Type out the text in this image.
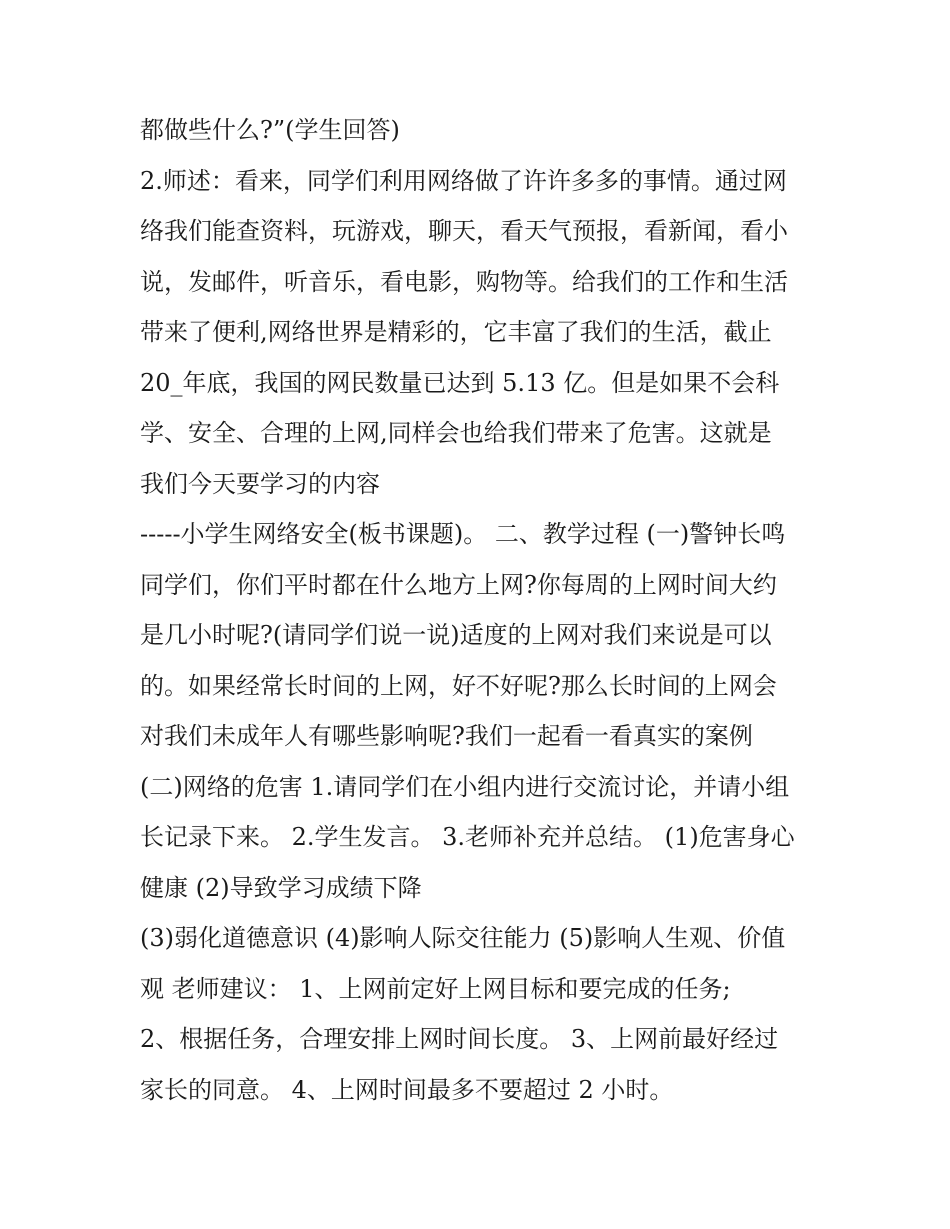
都做些什么?”(学生回答)
2.师述：看来，同学们利用网络做了许许多多的事情。通过网
络我们能查资料，玩游戏，聊天，看天气预报，看新闻，看小
说，发邮件，听音乐，看电影，购物等。给我们的工作和生活
带来了便利,网络世界是精彩的，它丰富了我们的生活，截止
20_年底，我国的网民数量已达到 5.13 亿。但是如果不会科
学、安全、合理的上网,同样会也给我们带来了危害。这就是
我们今天要学习的内容
-----小学生网络安全(板书课题)。 二、教学过程 (一)警钟长鸣
同学们，你们平时都在什么地方上网?你每周的上网时间大约
是几小时呢?(请同学们说一说)适度的上网对我们来说是可以
的。如果经常长时间的上网，好不好呢?那么长时间的上网会
对我们未成年人有哪些影响呢?我们一起看一看真实的案例
(二)网络的危害 1.请同学们在小组内进行交流讨论，并请小组
长记录下来。 2.学生发言。 3.老师补充并总结。 (1)危害身心
健康 (2)导致学习成绩下降
(3)弱化道德意识 (4)影响人际交往能力 (5)影响人生观、价值
观 老师建议： 1、上网前定好上网目标和要完成的任务;
2、根据任务，合理安排上网时间长度。 3、上网前最好经过
家长的同意。 4、上网时间最多不要超过 2 小时。
